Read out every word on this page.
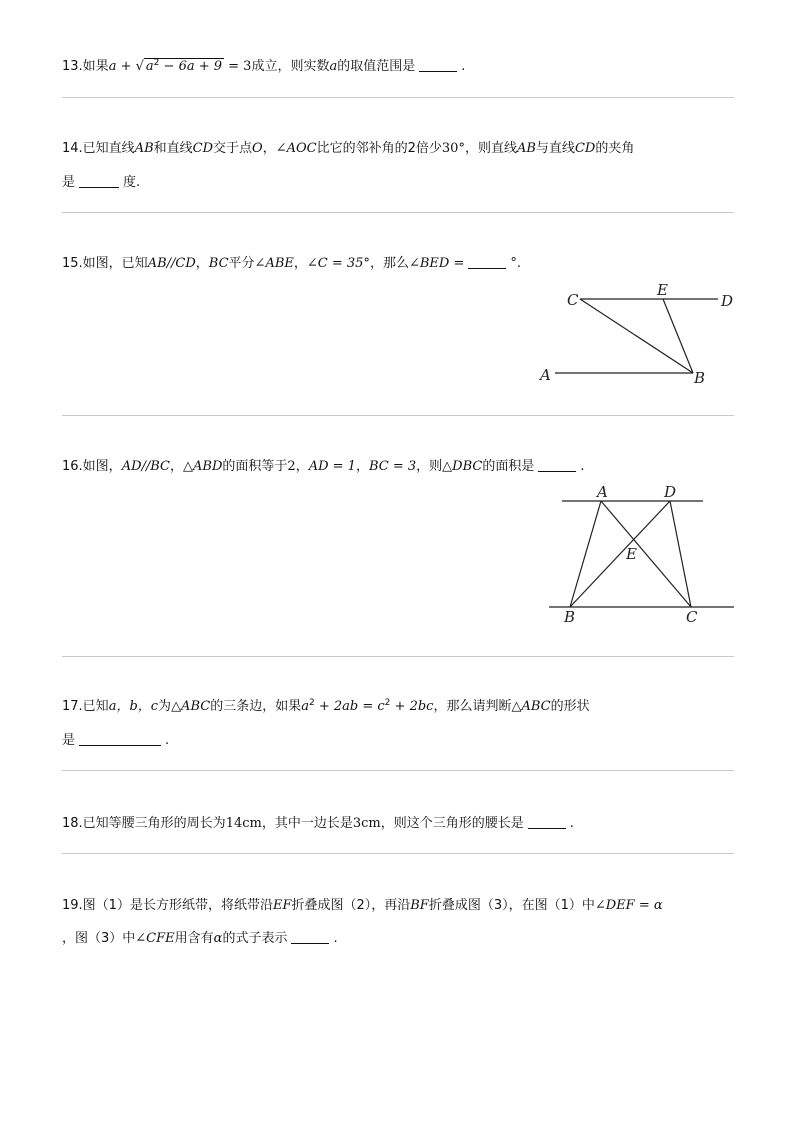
13.如果a + √ $a^2 - 6a + 9 = 3$成立，则实数a的取值范围是	.
14.已知直线AB和直线CD交于点O，∠AOC比它的邻补角的2倍少30°，则直线AB与直线CD的夹角
是	度.
15.如图，已知AB//CD，BC平分∠ABE，∠C = 35°，那么∠BED =	°.
C
E
D
A	B
16.如图，AD//BC，△ABD的面积等于2，AD = 1，BC = 3，则△DBC的面积是	.
A	D
E
B	C
17.已知a，b，c为△ABC的三条边，如果$a^2 + 2ab = c^2 + 2bc$，那么请判断△ABC的形状
是	.
18.已知等腰三角形的周长为14cm，其中一边长是3cm，则这个三角形的腰长是	.
19.图（1）是长方形纸带，将纸带沿EF折叠成图（2），再沿BF折叠成图（3），在图（1）中∠DEF = α
，图（3）中∠CFE用含有α的式子表示	.
